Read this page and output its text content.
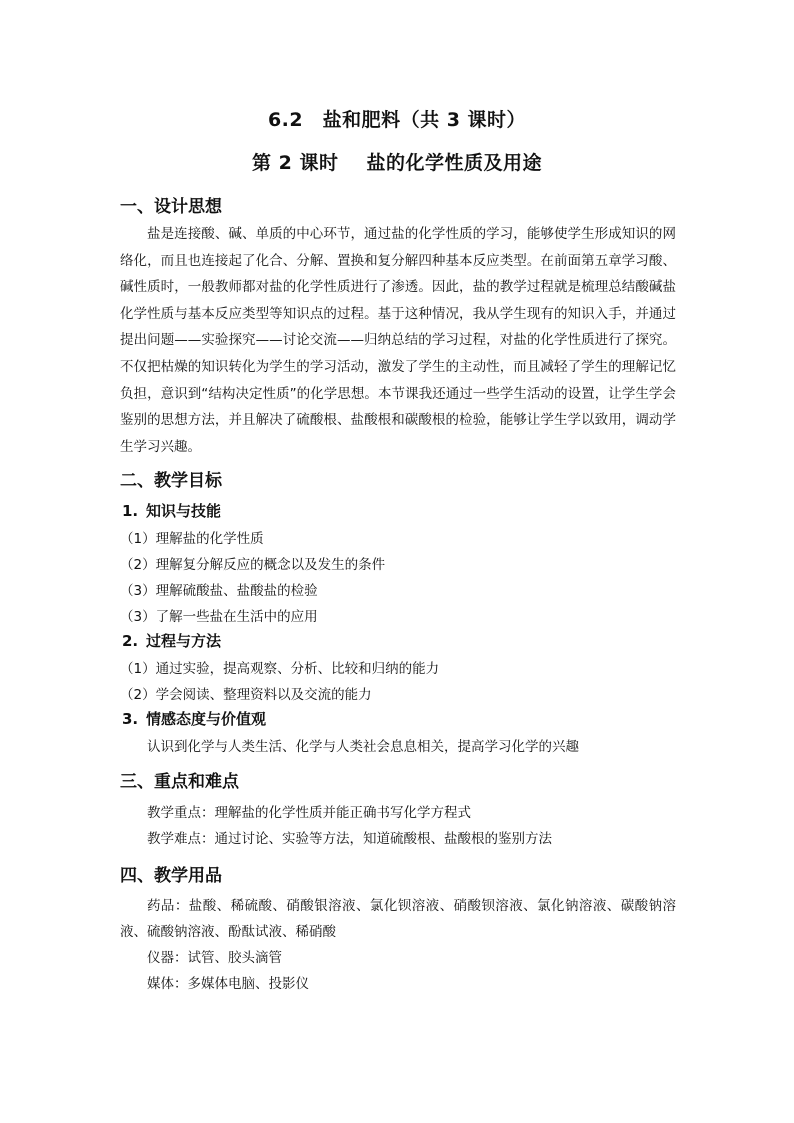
6.2　盐和肥料（共 3 课时）
第 2 课时 盐的化学性质及用途
一、设计思想
盐是连接酸、碱、单质的中心环节，通过盐的化学性质的学习，能够使学生形成知识的网络化，而且也连接起了化合、分解、置换和复分解四种基本反应类型。在前面第五章学习酸、碱性质时，一般教师都对盐的化学性质进行了渗透。因此，盐的教学过程就是梳理总结酸碱盐化学性质与基本反应类型等知识点的过程。基于这种情况，我从学生现有的知识入手，并通过提出问题——实验探究——讨论交流——归纳总结的学习过程，对盐的化学性质进行了探究。不仅把枯燥的知识转化为学生的学习活动，激发了学生的主动性，而且减轻了学生的理解记忆负担，意识到“结构决定性质”的化学思想。本节课我还通过一些学生活动的设置，让学生学会鉴别的思想方法，并且解决了硫酸根、盐酸根和碳酸根的检验，能够让学生学以致用，调动学生学习兴趣。
二、教学目标
1. 知识与技能
（1）理解盐的化学性质
（2）理解复分解反应的概念以及发生的条件
（3）理解硫酸盐、盐酸盐的检验
（3）了解一些盐在生活中的应用
2. 过程与方法
（1）通过实验，提高观察、分析、比较和归纳的能力
（2）学会阅读、整理资料以及交流的能力
3. 情感态度与价值观
认识到化学与人类生活、化学与人类社会息息相关，提高学习化学的兴趣
三、重点和难点
教学重点：理解盐的化学性质并能正确书写化学方程式
教学难点：通过讨论、实验等方法，知道硫酸根、盐酸根的鉴别方法
四、教学用品
药品：盐酸、稀硫酸、硝酸银溶液、氯化钡溶液、硝酸钡溶液、氯化钠溶液、碳酸钠溶液、硫酸钠溶液、酚酞试液、稀硝酸
仪器：试管、胶头滴管
媒体：多媒体电脑、投影仪
